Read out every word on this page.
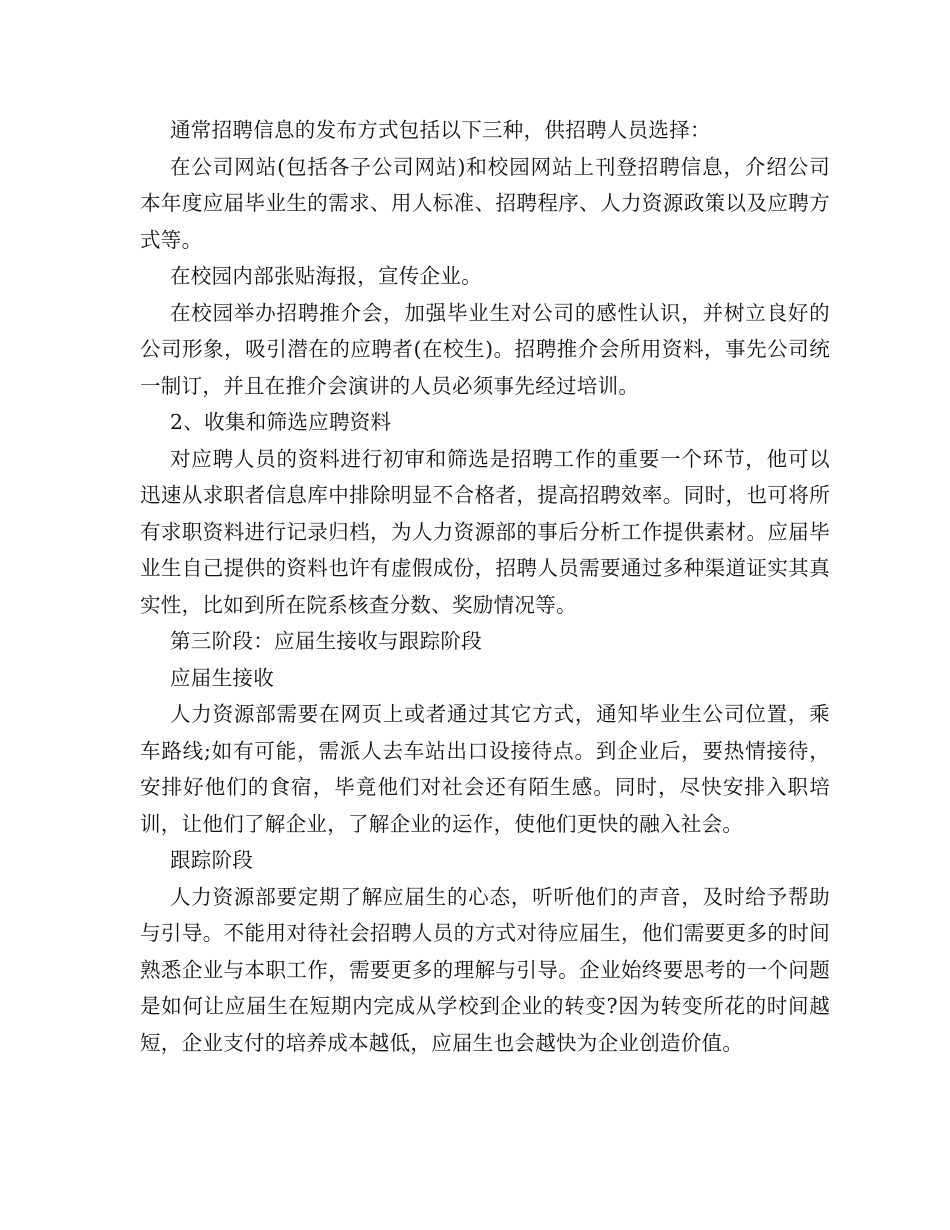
通常招聘信息的发布方式包括以下三种，供招聘人员选择：

在公司网站(包括各子公司网站)和校园网站上刊登招聘信息，介绍公司本年度应届毕业生的需求、用人标准、招聘程序、人力资源政策以及应聘方式等。

在校园内部张贴海报，宣传企业。

在校园举办招聘推介会，加强毕业生对公司的感性认识，并树立良好的公司形象，吸引潜在的应聘者(在校生)。招聘推介会所用资料，事先公司统一制订，并且在推介会演讲的人员必须事先经过培训。

2、收集和筛选应聘资料

对应聘人员的资料进行初审和筛选是招聘工作的重要一个环节，他可以迅速从求职者信息库中排除明显不合格者，提高招聘效率。同时，也可将所有求职资料进行记录归档，为人力资源部的事后分析工作提供素材。应届毕业生自己提供的资料也许有虚假成份，招聘人员需要通过多种渠道证实其真实性，比如到所在院系核查分数、奖励情况等。

第三阶段：应届生接收与跟踪阶段

应届生接收

人力资源部需要在网页上或者通过其它方式，通知毕业生公司位置，乘车路线;如有可能，需派人去车站出口设接待点。到企业后，要热情接待，安排好他们的食宿，毕竟他们对社会还有陌生感。同时，尽快安排入职培训，让他们了解企业，了解企业的运作，使他们更快的融入社会。

跟踪阶段

人力资源部要定期了解应届生的心态，听听他们的声音，及时给予帮助与引导。不能用对待社会招聘人员的方式对待应届生，他们需要更多的时间熟悉企业与本职工作，需要更多的理解与引导。企业始终要思考的一个问题是如何让应届生在短期内完成从学校到企业的转变?因为转变所花的时间越短，企业支付的培养成本越低，应届生也会越快为企业创造价值。
